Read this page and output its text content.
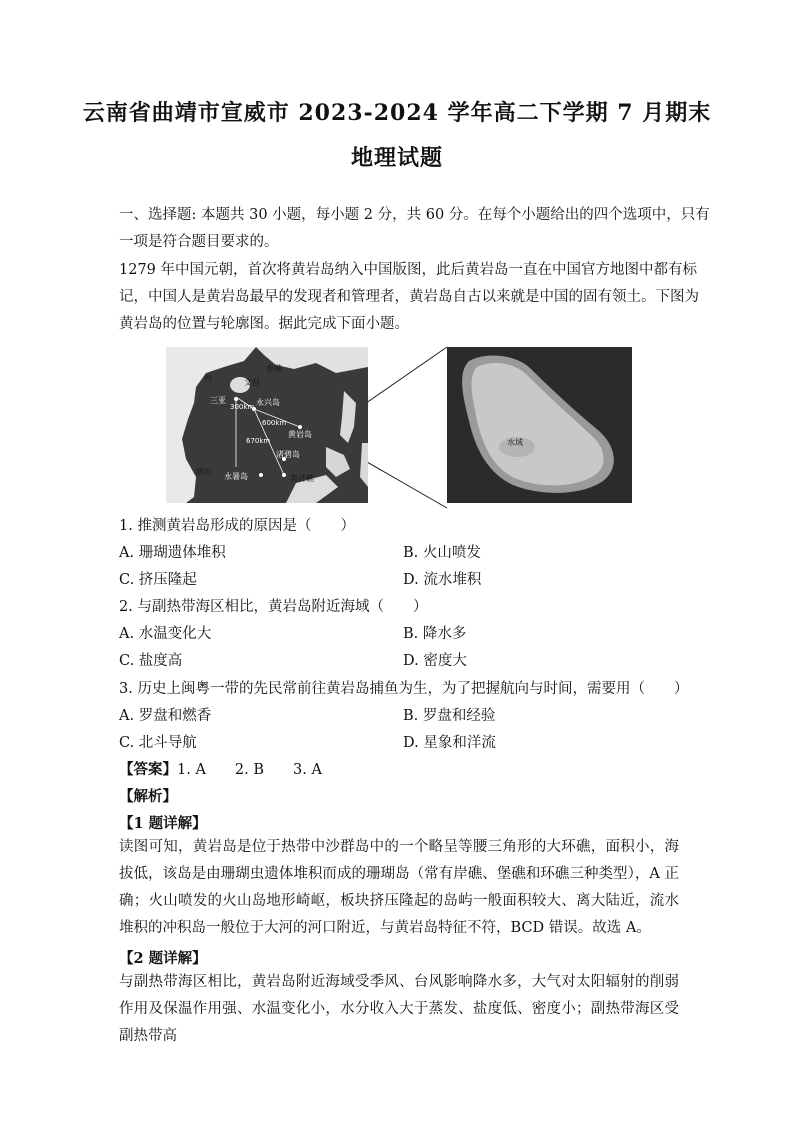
云南省曲靖市宣威市 2023-2024 学年高二下学期 7 月期末
地理试题
一、选择题: 本题共 30 小题，每小题 2 分，共 60 分。在每个小题给出的四个选项中，只有
一项是符合题目要求的。
1279 年中国元朝，首次将黄岩岛纳入中国版图，此后黄岩岛一直在中国官方地图中都有标
记，中国人是黄岩岛最早的发现者和管理者，黄岩岛自古以来就是中国的固有领土。下图为
黄岩岛的位置与轮廓图。据此完成下面小题。
香港
文昌
内
三亚	永兴岛
黄岩岛
渚碧岛
永暑岛	美济礁
明市
300km
600km
670km	水域
1. 推测黄岩岛形成的原因是（　　）
A. 珊瑚遗体堆积	B. 火山喷发
C. 挤压隆起	D. 流水堆积
2. 与副热带海区相比，黄岩岛附近海域（　　）
A. 水温变化大	B. 降水多
C. 盐度高	D. 密度大
3. 历史上闽粤一带的先民常前往黄岩岛捕鱼为生，为了把握航向与时间，需要用（　　）
A. 罗盘和燃香	B. 罗盘和经验
C. 北斗导航	D. 星象和洋流
【答案】1. A　　2. B　　3. A
【解析】
【1 题详解】
读图可知，黄岩岛是位于热带中沙群岛中的一个略呈等腰三角形的大环礁，面积小，海拔低，该岛是由珊瑚虫遗体堆积而成的珊瑚岛（常有岸礁、堡礁和环礁三种类型），A 正确；火山喷发的火山岛地形崎岖，板块挤压隆起的岛屿一般面积较大、离大陆近，流水堆积的冲积岛一般位于大河的河口附近，与黄岩岛特征不符，BCD 错误。故选 A。
【2 题详解】
与副热带海区相比，黄岩岛附近海域受季风、台风影响降水多，大气对太阳辐射的削弱作用及保温作用强、水温变化小，水分收入大于蒸发、盐度低、密度小；副热带海区受副热带高
